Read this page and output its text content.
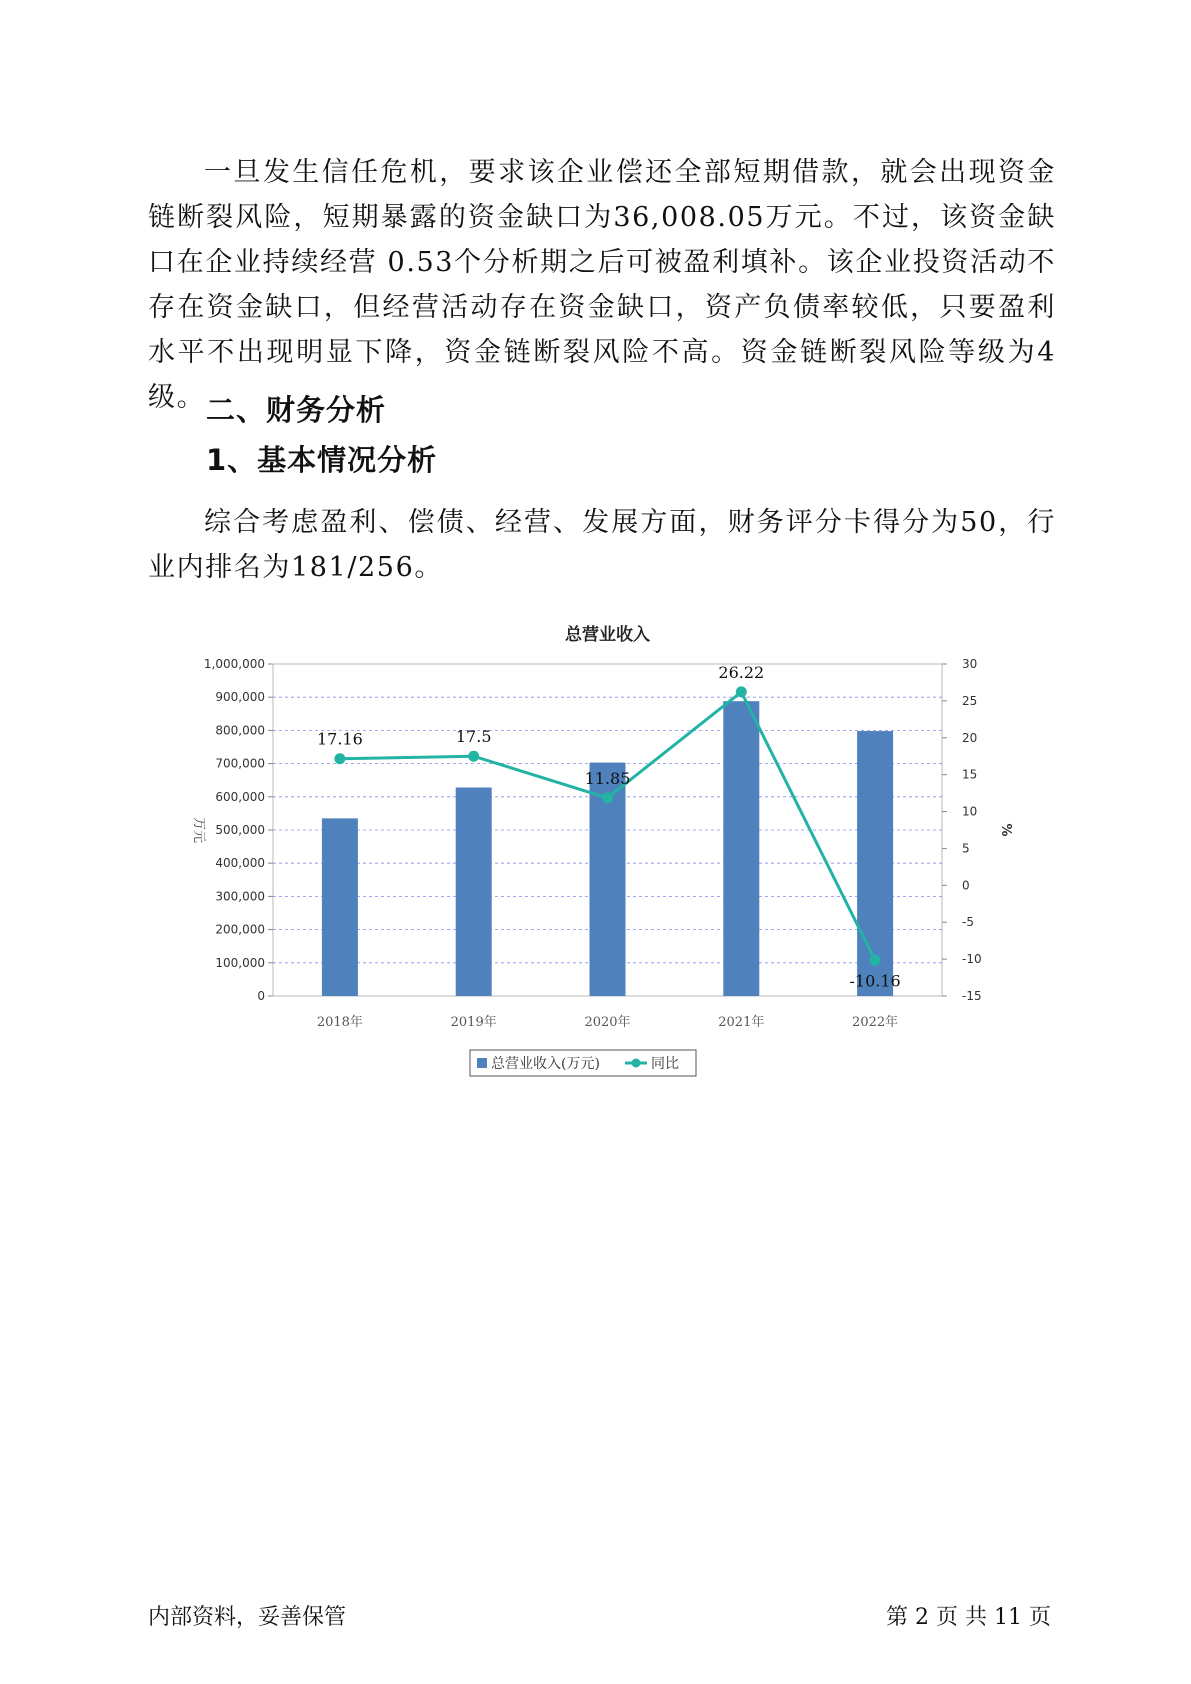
一旦发生信任危机，要求该企业偿还全部短期借款，就会出现资金链断裂风险，短期暴露的资金缺口为36,008.05万元。不过，该资金缺口在企业持续经营 0.53个分析期之后可被盈利填补。该企业投资活动不存在资金缺口，但经营活动存在资金缺口，资产负债率较低，只要盈利水平不出现明显下降，资金链断裂风险不高。资金链断裂风险等级为4级。 二、财务分析
1、基本情况分析

综合考虑盈利、偿债、经营、发展方面，财务评分卡得分为50，行业内排名为181/256。

总营业收入
0
100,000
200,000
300,000
400,000
500,000
600,000
700,000
800,000
900,000
1,000,000
-15
-10
-5
0
5
10
15
20
25
30
万元	%
2018年	2019年	2020年	2021年	2022年
17.16	17.5
11.85
26.22
-10.16
总营业收入(万元)	同比
内部资料，妥善保管	第 2 页 共 11 页
